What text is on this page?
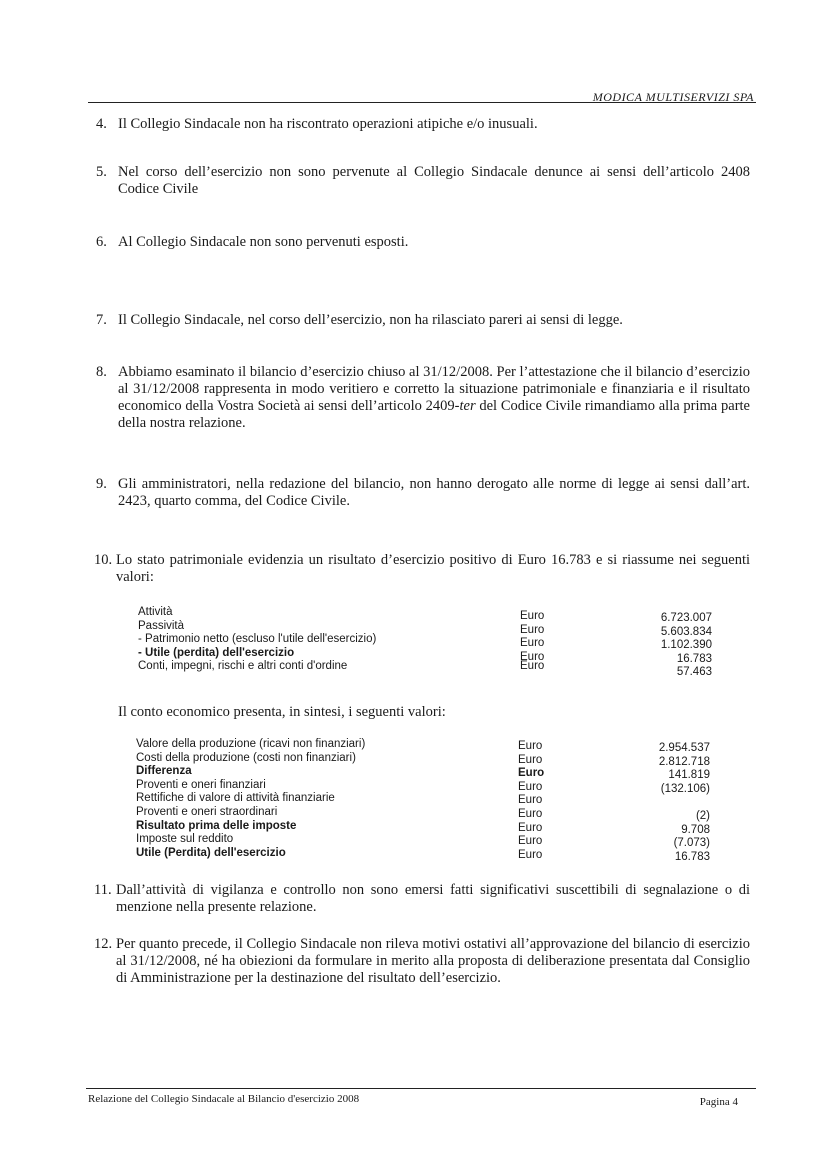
MODICA MULTISERVIZI SPA
4. Il Collegio Sindacale non ha riscontrato operazioni atipiche e/o inusuali.
5. Nel corso dell’esercizio non sono pervenute al Collegio Sindacale denunce ai sensi dell’articolo 2408 Codice Civile
6. Al Collegio Sindacale non sono pervenuti esposti.
7. Il Collegio Sindacale, nel corso dell’esercizio, non ha rilasciato pareri ai sensi di legge.
8. Abbiamo esaminato il bilancio d’esercizio chiuso al 31/12/2008. Per l’attestazione che il bilancio d’esercizio al 31/12/2008 rappresenta in modo veritiero e corretto la situazione patrimoniale e finanziaria e il risultato economico della Vostra Società ai sensi dell’articolo 2409-ter del Codice Civile rimandiamo alla prima parte della nostra relazione.
9. Gli amministratori, nella redazione del bilancio, non hanno derogato alle norme di legge ai sensi dall’art. 2423, quarto comma, del Codice Civile.
10. Lo stato patrimoniale evidenzia un risultato d’esercizio positivo di Euro 16.783 e si riassume nei seguenti valori:
Attività	Euro	6.723.007
Passività	Euro	5.603.834
- Patrimonio netto (escluso l'utile dell'esercizio)	Euro	1.102.390
- Utile (perdita) dell'esercizio	Euro	16.783
Conti, impegni, rischi e altri conti d'ordine	Euro	57.463
Il conto economico presenta, in sintesi, i seguenti valori:
Valore della produzione (ricavi non finanziari)	Euro	2.954.537
Costi della produzione (costi non finanziari)	Euro	2.812.718
Differenza	Euro	141.819
Proventi e oneri finanziari	Euro	(132.106)
Rettifiche di valore di attività finanziarie	Euro
Proventi e oneri straordinari	Euro	(2)
Risultato prima delle imposte	Euro	9.708
Imposte sul reddito	Euro	(7.073)
Utile (Perdita) dell'esercizio	Euro	16.783
11. Dall’attività di vigilanza e controllo non sono emersi fatti significativi suscettibili di segnalazione o di menzione nella presente relazione.
12. Per quanto precede, il Collegio Sindacale non rileva motivi ostativi all’approvazione del bilancio di esercizio al 31/12/2008, né ha obiezioni da formulare in merito alla proposta di deliberazione presentata dal Consiglio di Amministrazione per la destinazione del risultato dell’esercizio.
Relazione del Collegio Sindacale al Bilancio d'esercizio 2008	Pagina 4
